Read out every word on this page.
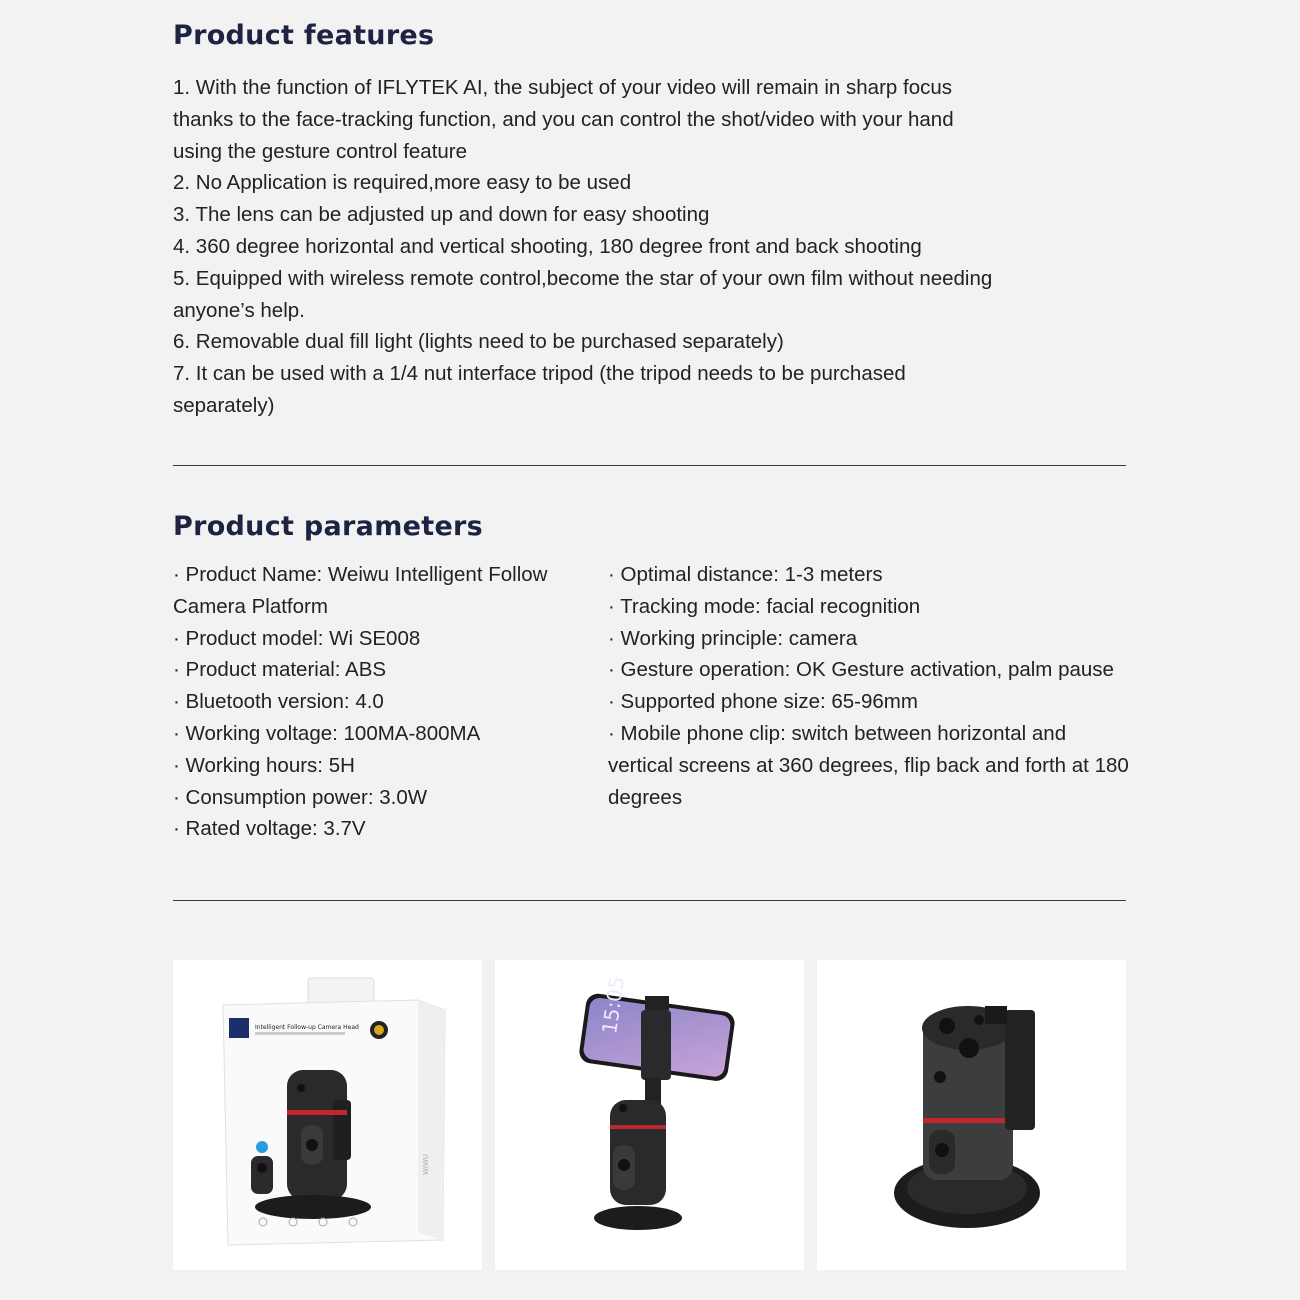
Product features

1. With the function of IFLYTEK AI, the subject of your video will remain in sharp focus thanks to the face-tracking function, and you can control the shot/video with your hand using the gesture control feature

2. No Application is required,more easy to be used

3. The lens can be adjusted up and down for easy shooting

4. 360 degree horizontal and vertical shooting, 180 degree front and back shooting

5. Equipped with wireless remote control,become the star of your own film without needing anyone’s help.

6. Removable dual fill light (lights need to be purchased separately)

7. It can be used with a 1/4 nut interface tripod (the tripod needs to be purchased separately)

Product parameters

· Product Name: Weiwu Intelligent Follow Camera Platform

· Product model: Wi SE008

· Product material: ABS

· Bluetooth version: 4.0

· Working voltage: 100MA-800MA

· Working hours: 5H

· Consumption power: 3.0W

· Rated voltage: 3.7V

· Optimal distance: 1-3 meters

· Tracking mode: facial recognition

· Working principle: camera

· Gesture operation: OK Gesture activation, palm pause

· Supported phone size: 65-96mm

· Mobile phone clip: switch between horizontal and vertical screens at 360 degrees, flip back and forth at 180 degrees

Intelligent Follow-up Camera Head
WIWU
15:05
